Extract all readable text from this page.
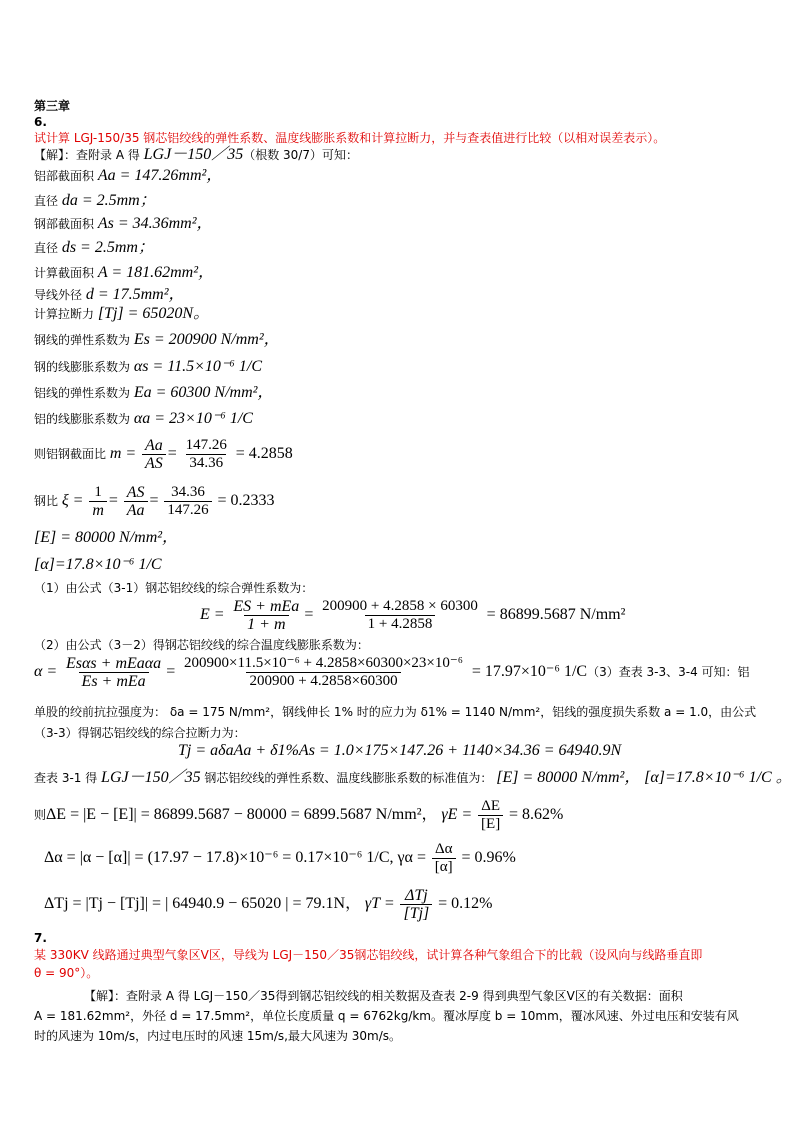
第三章
6.
试计算 LGJ-150/35 钢芯铝绞线的弹性系数、温度线膨胀系数和计算拉断力，并与查表值进行比较（以相对误差表示）。
【解】：查附录 A 得 LGJ－150／35（根数 30/7）可知：
铝部截面积 Aa = 147.26mm²，
直径 da = 2.5mm；
钢部截面积 As = 34.36mm²，
直径 ds = 2.5mm；
计算截面积 A = 181.62mm²，
导线外径 d = 17.5mm²，
计算拉断力 [Tj] = 65020N。
钢线的弹性系数为 Es = 200900 N/mm²，
钢的线膨胀系数为 αs = 11.5×10⁻⁶ 1/C
铝线的弹性系数为 Ea = 60300 N/mm²，
铝的线膨胀系数为 αa = 23×10⁻⁶ 1/C
则铝钢截面比 $m = \frac{Aa}{AS} = \frac{147.26}{34.36} = 4.2858$
钢比 $\xi = \frac{1}{m} = \frac{AS}{Aa} = \frac{34.36}{147.26} = 0.2333$
[E] = 80000 N/mm²，
[α]=17.8×10⁻⁶ 1/C
（1）由公式（3-1）钢芯铝绞线的综合弹性系数为：
$E = \frac{\text{ES + mEa}}{1 + m} = \frac{200900 + 4.2858 \times 60300}{1 + 4.2858} = 86899.5687$ N/mm²
（2）由公式（3－2）得钢芯铝绞线的综合温度线膨胀系数为：
$\alpha = \frac{\text{Esαs + mEaαa}}{\text{Es + mEa}} = \frac{\text{200900×11.5×10⁻⁶ + 4.2858×60300×23×10⁻⁶}}{200900 + 4.2858\times 60300} = 17.97\times 10^{-6}$ 1/C（3）查表 3-3、3-4 可知：铝
单股的绞前抗拉强度为： δa = 175 N/mm²，钢线伸长 1% 时的应力为 δ1% = 1140 N/mm²，铝线的强度损失系数 a = 1.0，由公式
（3-3）得钢芯铝绞线的综合拉断力为：
Tj = aδaAa + δ1%As = 1.0×175×147.26 + 1140×34.36 = 64940.9N
查表 3-1 得 LGJ－150／35 钢芯铝绞线的弹性系数、温度线膨胀系数的标准值为： [E] = 80000 N/mm²， [α]=17.8×10⁻⁶ 1/C 。
则ΔE = |E − [E]| = 86899.5687 − 80000 = 6899.5687 N/mm²， $\gamma E = \frac{\Delta E}{[E]} = 8.62\%$
Δα = |α − [α]| = (17.97 − 17.8)×10⁻⁶ = 0.17×10⁻⁶ 1/C, $\gamma\alpha = \frac{\Delta\alpha}{[\alpha]} = 0.96\%$
ΔTj = |Tj − [Tj]| = | 64940.9 − 65020 | = 79.1N， $\gamma T = \frac{\text{ΔTj}}{[Tj]} = 0.12\%$
7.
某 330KV 线路通过典型气象区Ⅴ区，导线为 LGJ－150／35钢芯铝绞线，试计算各种气象组合下的比载（设风向与线路垂直即
θ = 90°）。
【解】：查附录 A 得 LGJ－150／35得到钢芯铝绞线的相关数据及查表 2-9 得到典型气象区Ⅴ区的有关数据：面积
A = 181.62mm²，外径 d = 17.5mm²，单位长度质量 q = 6762kg/km。覆冰厚度 b = 10mm，覆冰风速、外过电压和安装有风
时的风速为 10m/s，内过电压时的风速 15m/s,最大风速为 30m/s。
